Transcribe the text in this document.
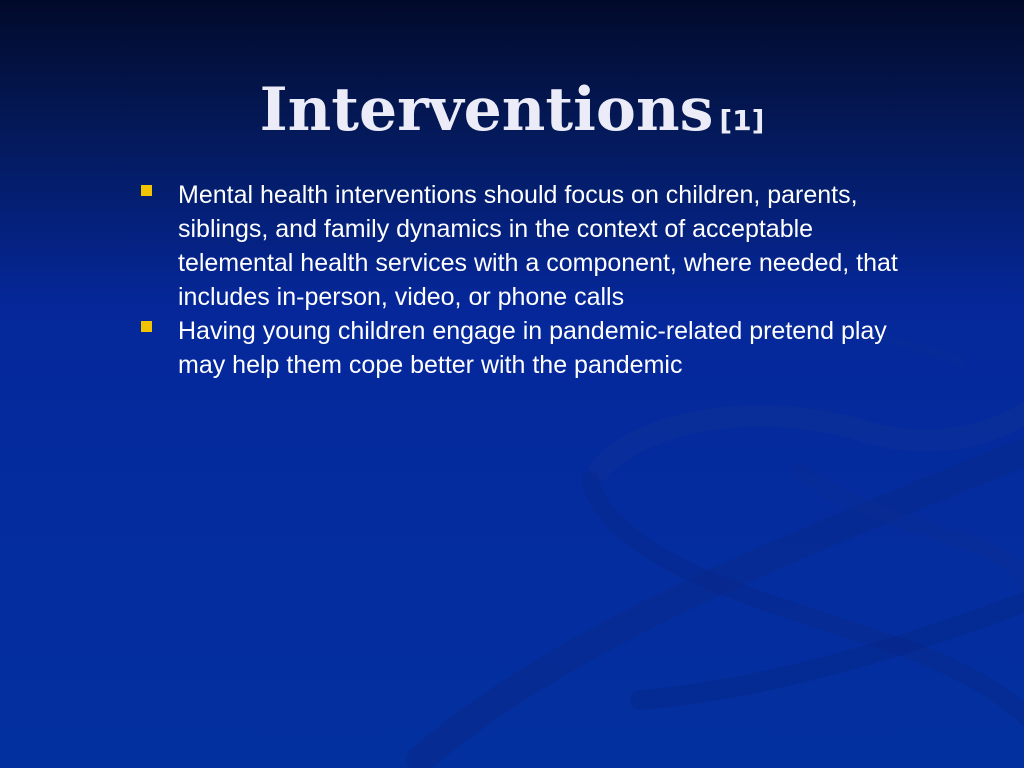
Interventions [1]
Mental health interventions should focus on children, parents, siblings, and family dynamics in the context of acceptable telemental health services with a component, where needed, that includes in-person, video, or phone calls
Having young children engage in pandemic-related pretend play may help them cope better with the pandemic
